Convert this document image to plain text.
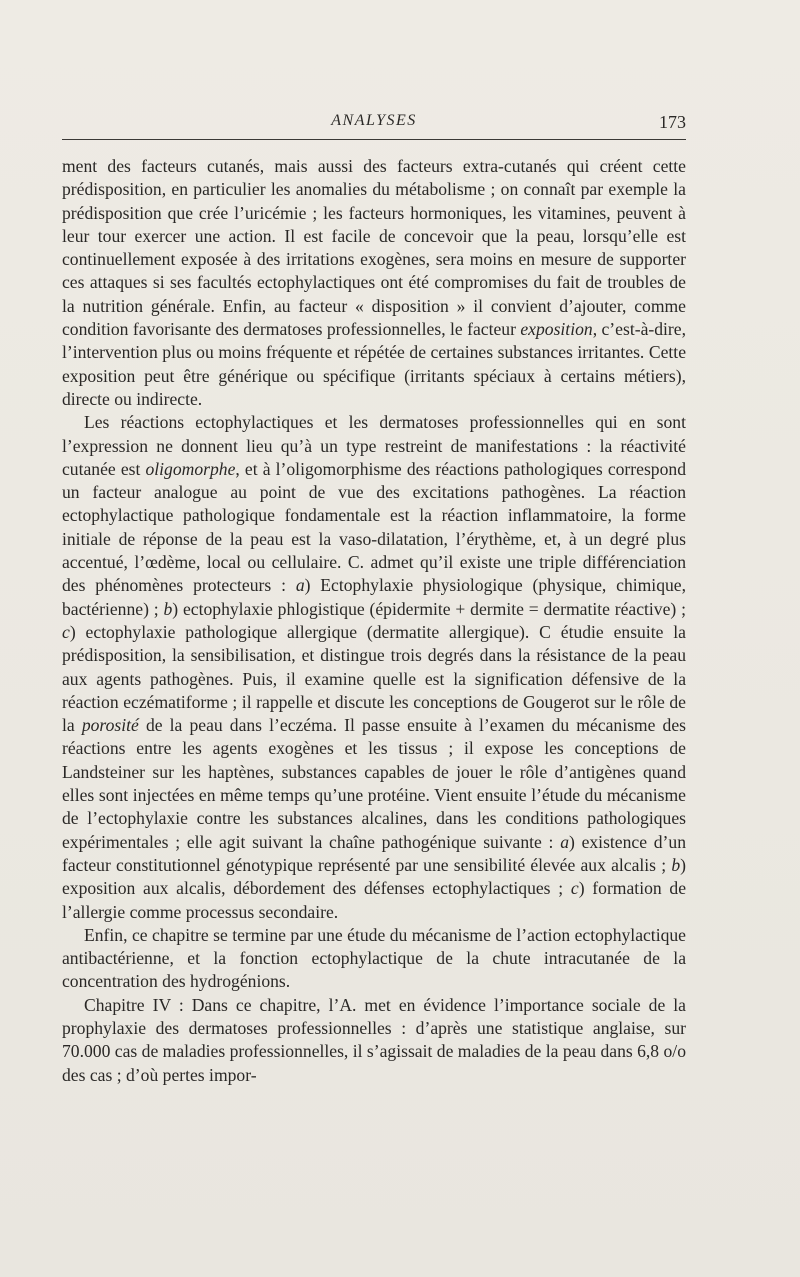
ANALYSES	173

ment des facteurs cutanés, mais aussi des facteurs extra-cutanés qui créent cette prédisposition, en particulier les anomalies du métabolisme ; on connaît par exemple la prédisposition que crée l’uricémie ; les facteurs hormoniques, les vitamines, peuvent à leur tour exercer une action. Il est facile de concevoir que la peau, lorsqu’elle est continuellement exposée à des irritations exogènes, sera moins en mesure de supporter ces attaques si ses facultés ectophylactiques ont été compromises du fait de troubles de la nutrition générale. Enfin, au facteur « disposition » il convient d’ajouter, comme condition favorisante des dermatoses professionnelles, le facteur exposition, c’est-à-dire, l’intervention plus ou moins fréquente et répétée de certaines substances irritantes. Cette exposition peut être générique ou spécifique (irritants spéciaux à certains métiers), directe ou indirecte.

Les réactions ectophylactiques et les dermatoses professionnelles qui en sont l’expression ne donnent lieu qu’à un type restreint de manifestations : la réactivité cutanée est oligomorphe, et à l’oligomorphisme des réactions pathologiques correspond un facteur analogue au point de vue des excitations pathogènes. La réaction ectophylactique pathologique fondamentale est la réaction inflammatoire, la forme initiale de réponse de la peau est la vaso-dilatation, l’érythème, et, à un degré plus accentué, l’œdème, local ou cellulaire. C. admet qu’il existe une triple différenciation des phénomènes protecteurs : a) Ectophylaxie physiologique (physique, chimique, bactérienne) ; b) ectophylaxie phlogistique (épidermite + dermite = dermatite réactive) ; c) ectophylaxie pathologique allergique (dermatite allergique). C étudie ensuite la prédisposition, la sensibilisation, et distingue trois degrés dans la résistance de la peau aux agents pathogènes. Puis, il examine quelle est la signification défensive de la réaction eczématiforme ; il rappelle et discute les conceptions de Gougerot sur le rôle de la porosité de la peau dans l’eczéma. Il passe ensuite à l’examen du mécanisme des réactions entre les agents exogènes et les tissus ; il expose les conceptions de Landsteiner sur les haptènes, substances capables de jouer le rôle d’antigènes quand elles sont injectées en même temps qu’une protéine. Vient ensuite l’étude du mécanisme de l’ectophylaxie contre les substances alcalines, dans les conditions pathologiques expérimentales ; elle agit suivant la chaîne pathogénique suivante : a) existence d’un facteur constitutionnel génotypique représenté par une sensibilité élevée aux alcalis ; b) exposition aux alcalis, débordement des défenses ectophylactiques ; c) formation de l’allergie comme processus secondaire.

Enfin, ce chapitre se termine par une étude du mécanisme de l’action ectophylactique antibactérienne, et la fonction ectophylactique de la chute intracutanée de la concentration des hydrogénions.

Chapitre IV : Dans ce chapitre, l’A. met en évidence l’importance sociale de la prophylaxie des dermatoses professionnelles : d’après une statistique anglaise, sur 70.000 cas de maladies professionnelles, il s’agissait de maladies de la peau dans 6,8 o/o des cas ; d’où pertes impor-
